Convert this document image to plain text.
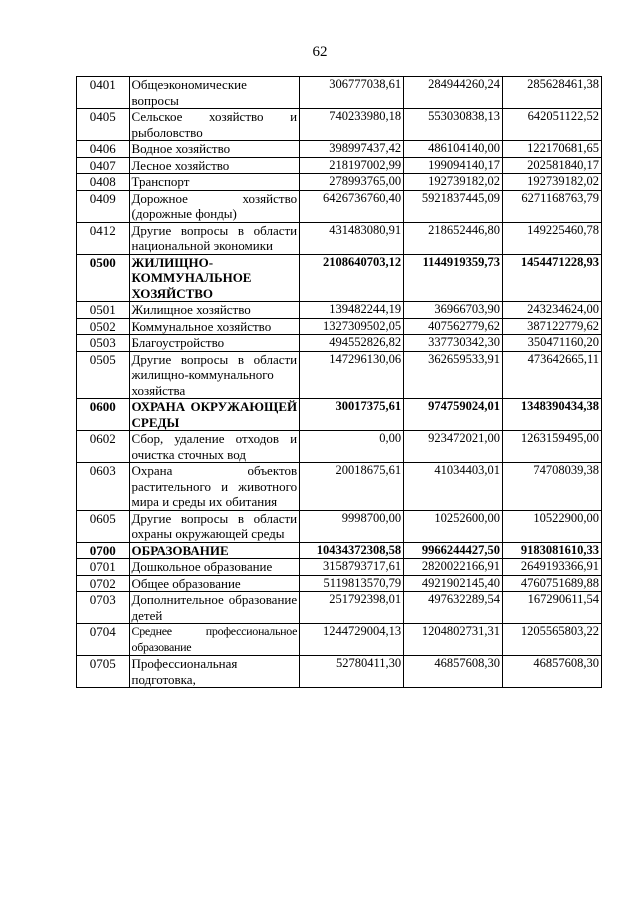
62
0401	Общеэкономические вопросы	306777038,61	284944260,24	285628461,38
0405	Сельское хозяйство и рыболовство	740233980,18	553030838,13	642051122,52
0406	Водное хозяйство	398997437,42	486104140,00	122170681,65
0407	Лесное хозяйство	218197002,99	199094140,17	202581840,17
0408	Транспорт	278993765,00	192739182,02	192739182,02
0409	Дорожное хозяйство (дорожные фонды)	6426736760,40	5921837445,09	6271168763,79
0412	Другие вопросы в области национальной экономики	431483080,91	218652446,80	149225460,78
0500	ЖИЛИЩНО-КОММУНАЛЬНОЕ ХОЗЯЙСТВО	2108640703,12	1144919359,73	1454471228,93
0501	Жилищное хозяйство	139482244,19	36966703,90	243234624,00
0502	Коммунальное хозяйство	1327309502,05	407562779,62	387122779,62
0503	Благоустройство	494552826,82	337730342,30	350471160,20
0505	Другие вопросы в области жилищно-коммунального хозяйства	147296130,06	362659533,91	473642665,11
0600	ОХРАНА ОКРУЖАЮЩЕЙ СРЕДЫ	30017375,61	974759024,01	1348390434,38
0602	Сбор, удаление отходов и очистка сточных вод	0,00	923472021,00	1263159495,00
0603	Охрана объектов растительного и животного мира и среды их обитания	20018675,61	41034403,01	74708039,38
0605	Другие вопросы в области охраны окружающей среды	9998700,00	10252600,00	10522900,00
0700	ОБРАЗОВАНИЕ	10434372308,58	9966244427,50	9183081610,33
0701	Дошкольное образование	3158793717,61	2820022166,91	2649193366,91
0702	Общее образование	5119813570,79	4921902145,40	4760751689,88
0703	Дополнительное образование детей	251792398,01	497632289,54	167290611,54
0704	Среднее профессиональное образование	1244729004,13	1204802731,31	1205565803,22
0705	Профессиональная подготовка,	52780411,30	46857608,30	46857608,30
